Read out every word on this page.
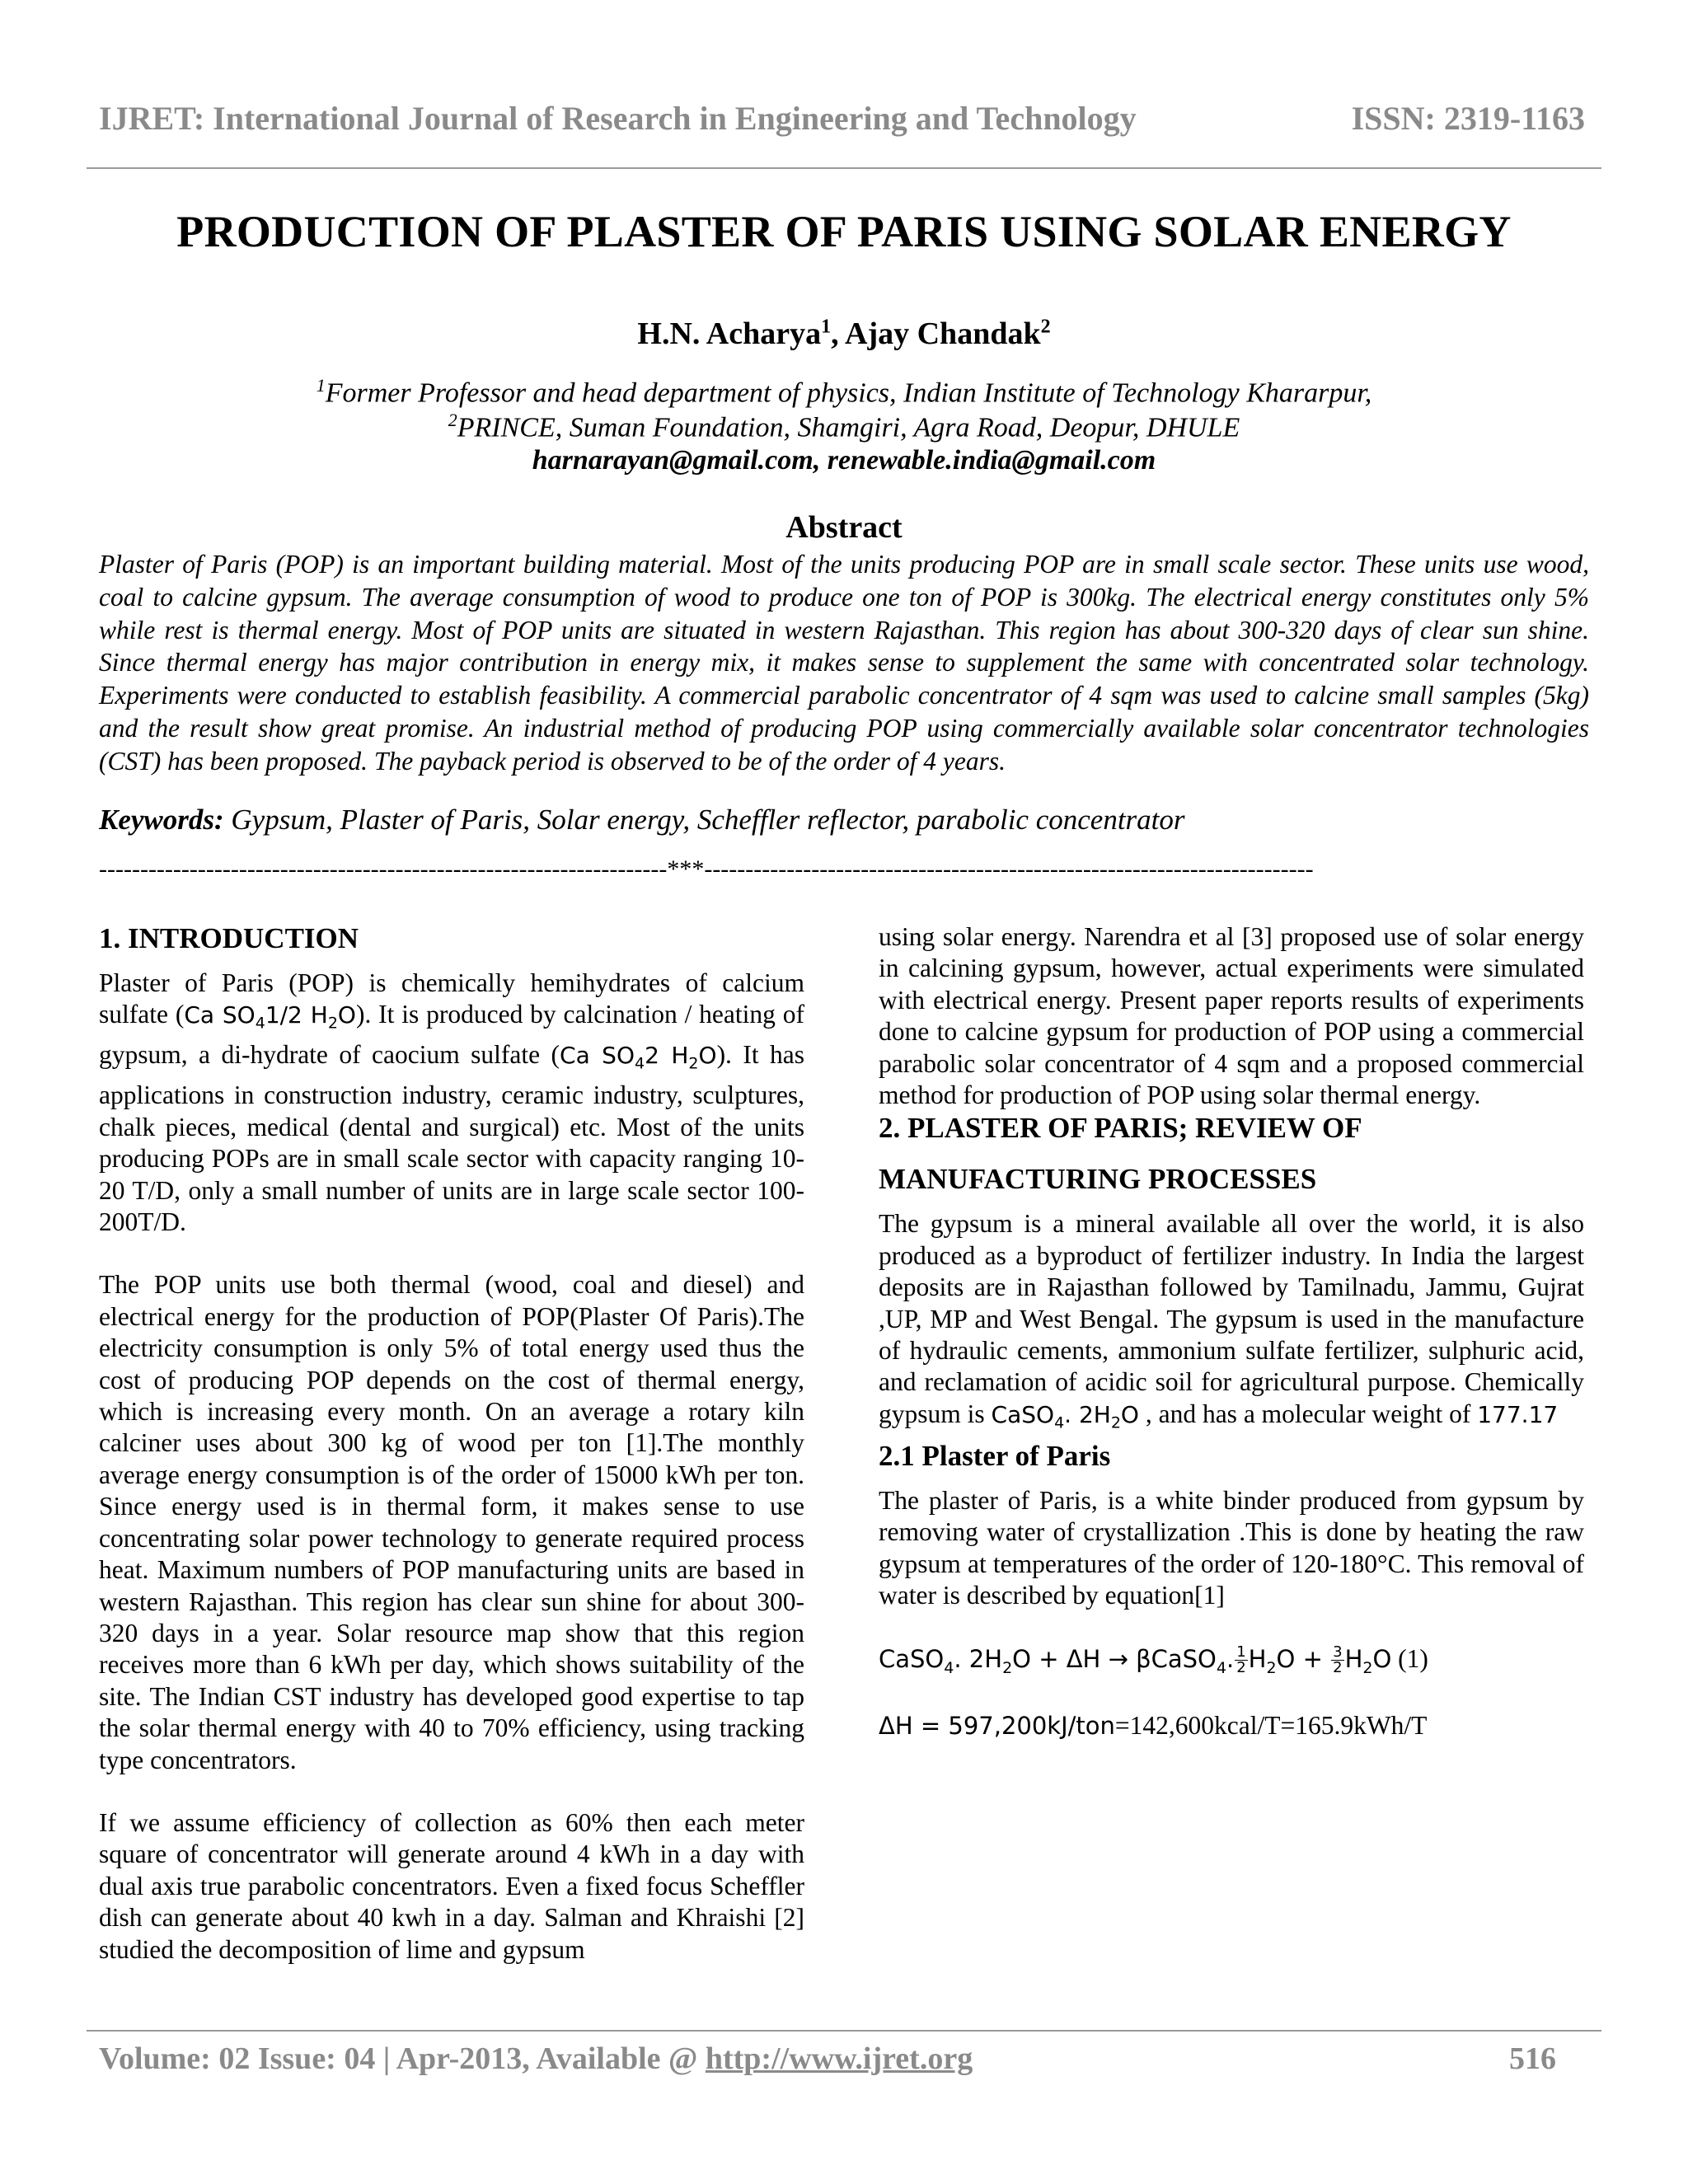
IJRET: International Journal of Research in Engineering and Technology	ISSN: 2319-1163
PRODUCTION OF PLASTER OF PARIS USING SOLAR ENERGY
H.N. Acharya$^1$, Ajay Chandak$^2$
$^1$Former Professor and head department of physics, Indian Institute of Technology Khararpur,
$^2$PRINCE, Suman Foundation, Shamgiri, Agra Road, Deopur, DHULE
harnarayan@gmail.com, renewable.india@gmail.com
Abstract
Plaster of Paris (POP) is an important building material. Most of the units producing POP are in small scale sector. These units use wood, coal to calcine gypsum. The average consumption of wood to produce one ton of POP is 300kg. The electrical energy constitutes only 5% while rest is thermal energy. Most of POP units are situated in western Rajasthan. This region has about 300-320 days of clear sun shine. Since thermal energy has major contribution in energy mix, it makes sense to supplement the same with concentrated solar technology. Experiments were conducted to establish feasibility. A commercial parabolic concentrator of 4 sqm was used to calcine small samples (5kg) and the result show great promise. An industrial method of producing POP using commercially available solar concentrator technologies (CST) has been proposed. The payback period is observed to be of the order of 4 years.
Keywords: Gypsum, Plaster of Paris, Solar energy, Scheffler reflector, parabolic concentrator
---------------------------------------------------------------------***--------------------------------------------------------------------------
1. INTRODUCTION

Plaster of Paris (POP) is chemically hemihydrates of calcium sulfate (Ca $SO_41/2$ $H_2O$). It is produced by calcination / heating of gypsum, a di-hydrate of caocium sulfate (Ca $SO_42$ $H_2O$). It has applications in construction industry, ceramic industry, sculptures, chalk pieces, medical (dental and surgical) etc. Most of the units producing POPs are in small scale sector with capacity ranging 10-20 T/D, only a small number of units are in large scale sector 100-200T/D.

The POP units use both thermal (wood, coal and diesel) and electrical energy for the production of POP(Plaster Of Paris).The electricity consumption is only 5% of total energy used thus the cost of producing POP depends on the cost of thermal energy, which is increasing every month. On an average a rotary kiln calciner uses about 300 kg of wood per ton [1].The monthly average energy consumption is of the order of 15000 kWh per ton. Since energy used is in thermal form, it makes sense to use concentrating solar power technology to generate required process heat. Maximum numbers of POP manufacturing units are based in western Rajasthan. This region has clear sun shine for about 300-320 days in a year. Solar resource map show that this region receives more than 6 kWh per day, which shows suitability of the site. The Indian CST industry has developed good expertise to tap the solar thermal energy with 40 to 70% efficiency, using tracking type concentrators.

If we assume efficiency of collection as 60% then each meter square of concentrator will generate around 4 kWh in a day with dual axis true parabolic concentrators. Even a fixed focus Scheffler dish can generate about 40 kwh in a day. Salman and Khraishi [2] studied the decomposition of lime and gypsum

using solar energy. Narendra et al [3] proposed use of solar energy in calcining gypsum, however, actual experiments were simulated with electrical energy. Present paper reports results of experiments done to calcine gypsum for production of POP using a commercial parabolic solar concentrator of 4 sqm and a proposed commercial method for production of POP using solar thermal energy.

2. PLASTER OF PARIS; REVIEW OF
MANUFACTURING PROCESSES

The gypsum is a mineral available all over the world, it is also produced as a byproduct of fertilizer industry. In India the largest deposits are in Rajasthan followed by Tamilnadu, Jammu, Gujrat ,UP, MP and West Bengal. The gypsum is used in the manufacture of hydraulic cements, ammonium sulfate fertilizer, sulphuric acid, and reclamation of acidic soil for agricultural purpose. Chemically gypsum is CaSO$_4$. $2H_2O$ , and has a molecular weight of 177.17

2.1 Plaster of Paris

The plaster of Paris, is a white binder produced from gypsum by removing water of crystallization .This is done by heating the raw gypsum at temperatures of the order of 120-180°C. This removal of water is described by equation[1]

CaSO$_4$. $2H_2O + \Delta H$ → βCaSO$_4$. $\frac{1}{2} H_2O + \frac{3}{2} H_2O$ (1)
ΔH = 597,200kJ/ton=142,600kcal/T=165.9kWh/T
Volume: 02 Issue: 04 | Apr-2013, Available @ http://www.ijret.org	516
